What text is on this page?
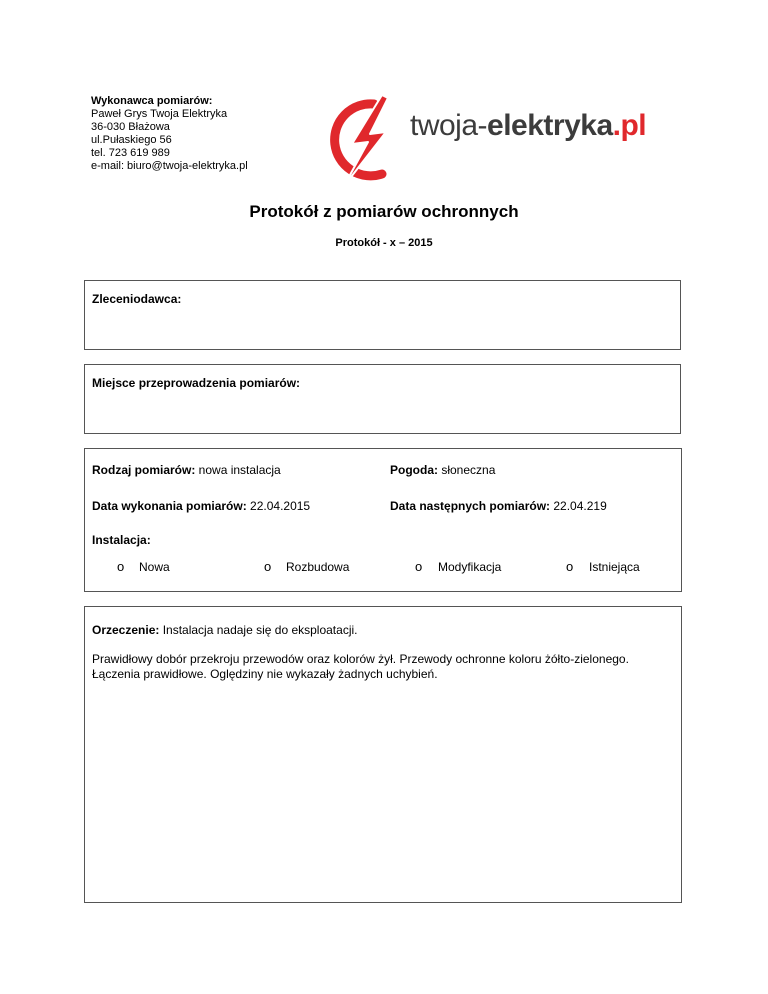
Wykonawca pomiarów:
Paweł Grys Twoja Elektryka
36-030 Błażowa
ul.Pułaskiego 56
tel. 723 619 989
e-mail: biuro@twoja-elektryka.pl
twoja-elektryka.pl
Protokół z pomiarów ochronnych
Protokół - x – 2015
Zleceniodawca:
Miejsce przeprowadzenia pomiarów:
Rodzaj pomiarów: nowa instalacja	Pogoda: słoneczna
Data wykonania pomiarów: 22.04.2015	Data następnych pomiarów: 22.04.219
Instalacja:
o Nowa	o Rozbudowa	o Modyfikacja	o Istniejąca
Orzeczenie: Instalacja nadaje się do eksploatacji.
Prawidłowy dobór przekroju przewodów oraz kolorów żył. Przewody ochronne koloru żółto-zielonego.
Łączenia prawidłowe. Oględziny nie wykazały żadnych uchybień.
